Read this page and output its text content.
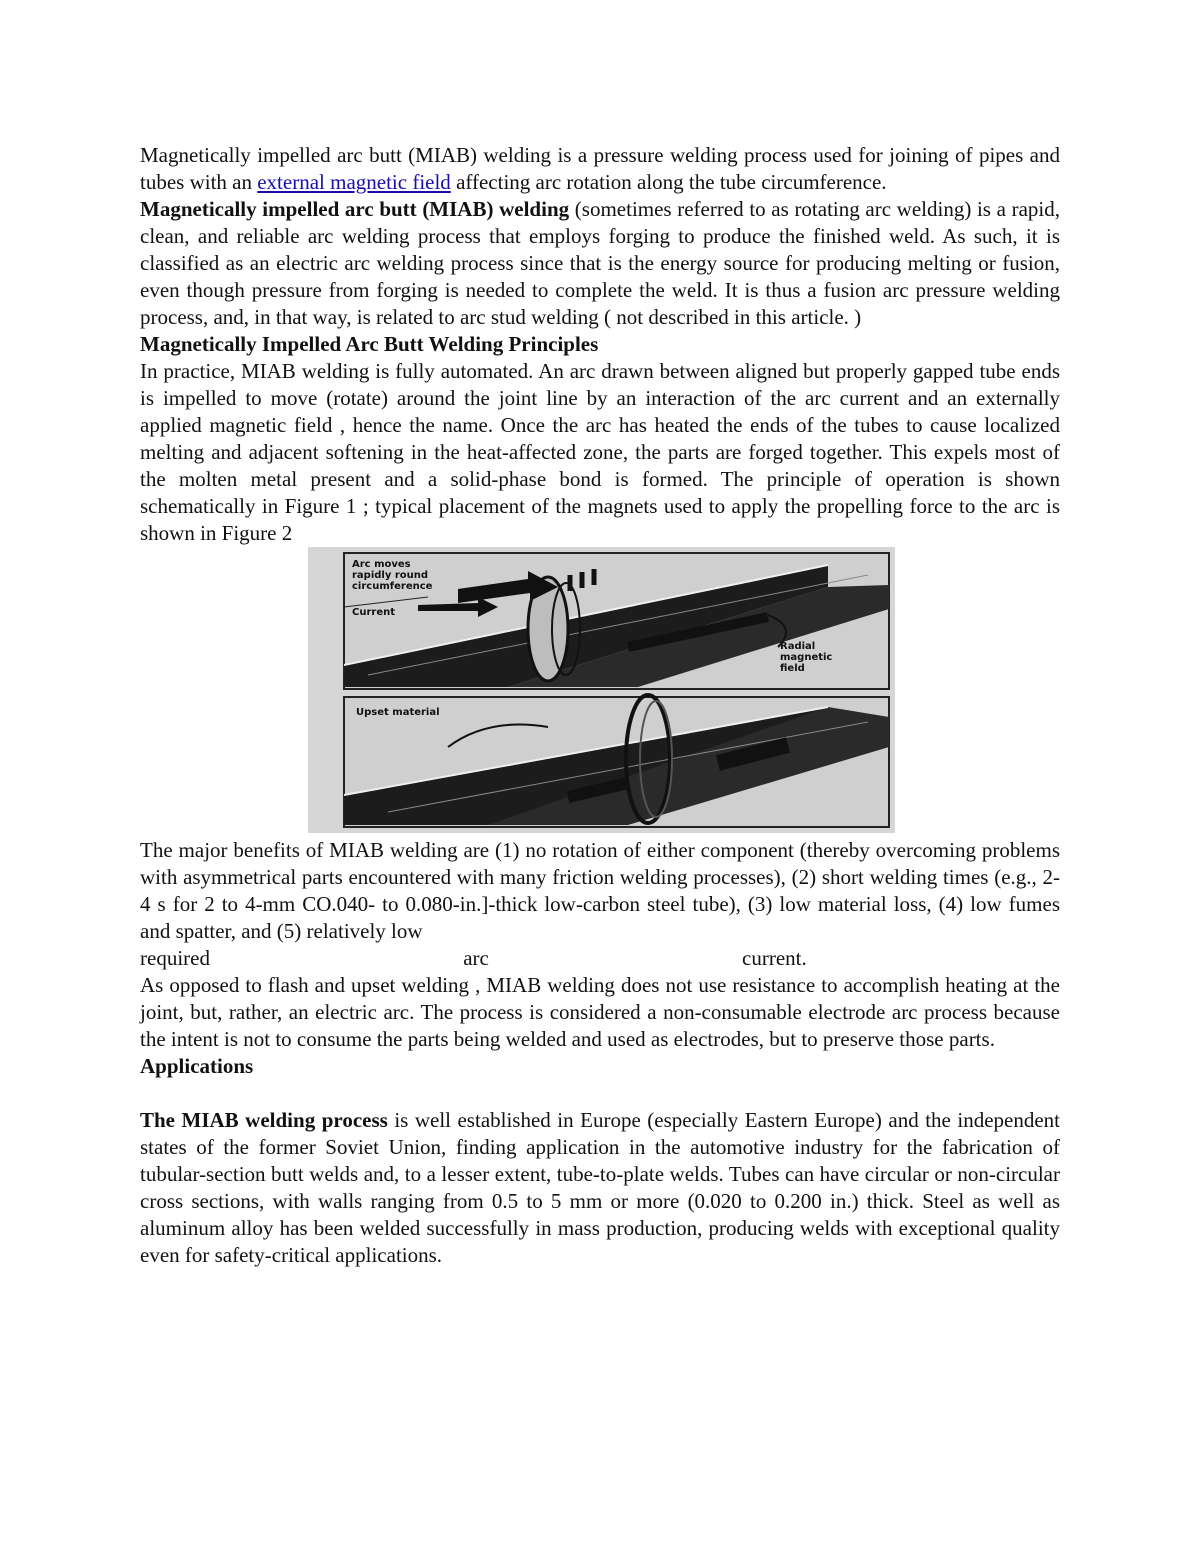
Magnetically impelled arc butt (MIAB) welding is a pressure welding process used for joining of pipes and tubes with an external magnetic field affecting arc rotation along the tube circumference.

Magnetically impelled arc butt (MIAB) welding (sometimes referred to as rotating arc welding) is a rapid, clean, and reliable arc welding process that employs forging to produce the finished weld. As such, it is classified as an electric arc welding process since that is the energy source for producing melting or fusion, even though pressure from forging is needed to complete the weld. It is thus a fusion arc pressure welding process, and, in that way, is related to arc stud welding ( not described in this article. )

Magnetically Impelled Arc Butt Welding Principles

In practice, MIAB welding is fully automated. An arc drawn between aligned but properly gapped tube ends is impelled to move (rotate) around the joint line by an interaction of the arc current and an externally applied magnetic field , hence the name. Once the arc has heated the ends of the tubes to cause localized melting and adjacent softening in the heat-affected zone, the parts are forged together. This expels most of the molten metal present and a solid-phase bond is formed. The principle of operation is shown schematically in Figure 1 ; typical placement of the magnets used to apply the propelling force to the arc is shown in Figure 2

Arc moves
rapidly round
circumference
Current
Radial
magnetic
field
Upset material

The major benefits of MIAB welding are (1) no rotation of either component (thereby overcoming problems with asymmetrical parts encountered with many friction welding processes), (2) short welding times (e.g., 2-4 s for 2 to 4-mm CO.040- to 0.080-in.]-thick low-carbon steel tube), (3) low material loss, (4) low fumes and spatter, and (5) relatively low

required	arc	current.

As opposed to flash and upset welding , MIAB welding does not use resistance to accomplish heating at the joint, but, rather, an electric arc. The process is considered a non-consumable electrode arc process because the intent is not to consume the parts being welded and used as electrodes, but to preserve those parts.

Applications

The MIAB welding process is well established in Europe (especially Eastern Europe) and the independent states of the former Soviet Union, finding application in the automotive industry for the fabrication of tubular-section butt welds and, to a lesser extent, tube-to-plate welds. Tubes can have circular or non-circular cross sections, with walls ranging from 0.5 to 5 mm or more (0.020 to 0.200 in.) thick. Steel as well as aluminum alloy has been welded successfully in mass production, producing welds with exceptional quality even for safety-critical applications.
